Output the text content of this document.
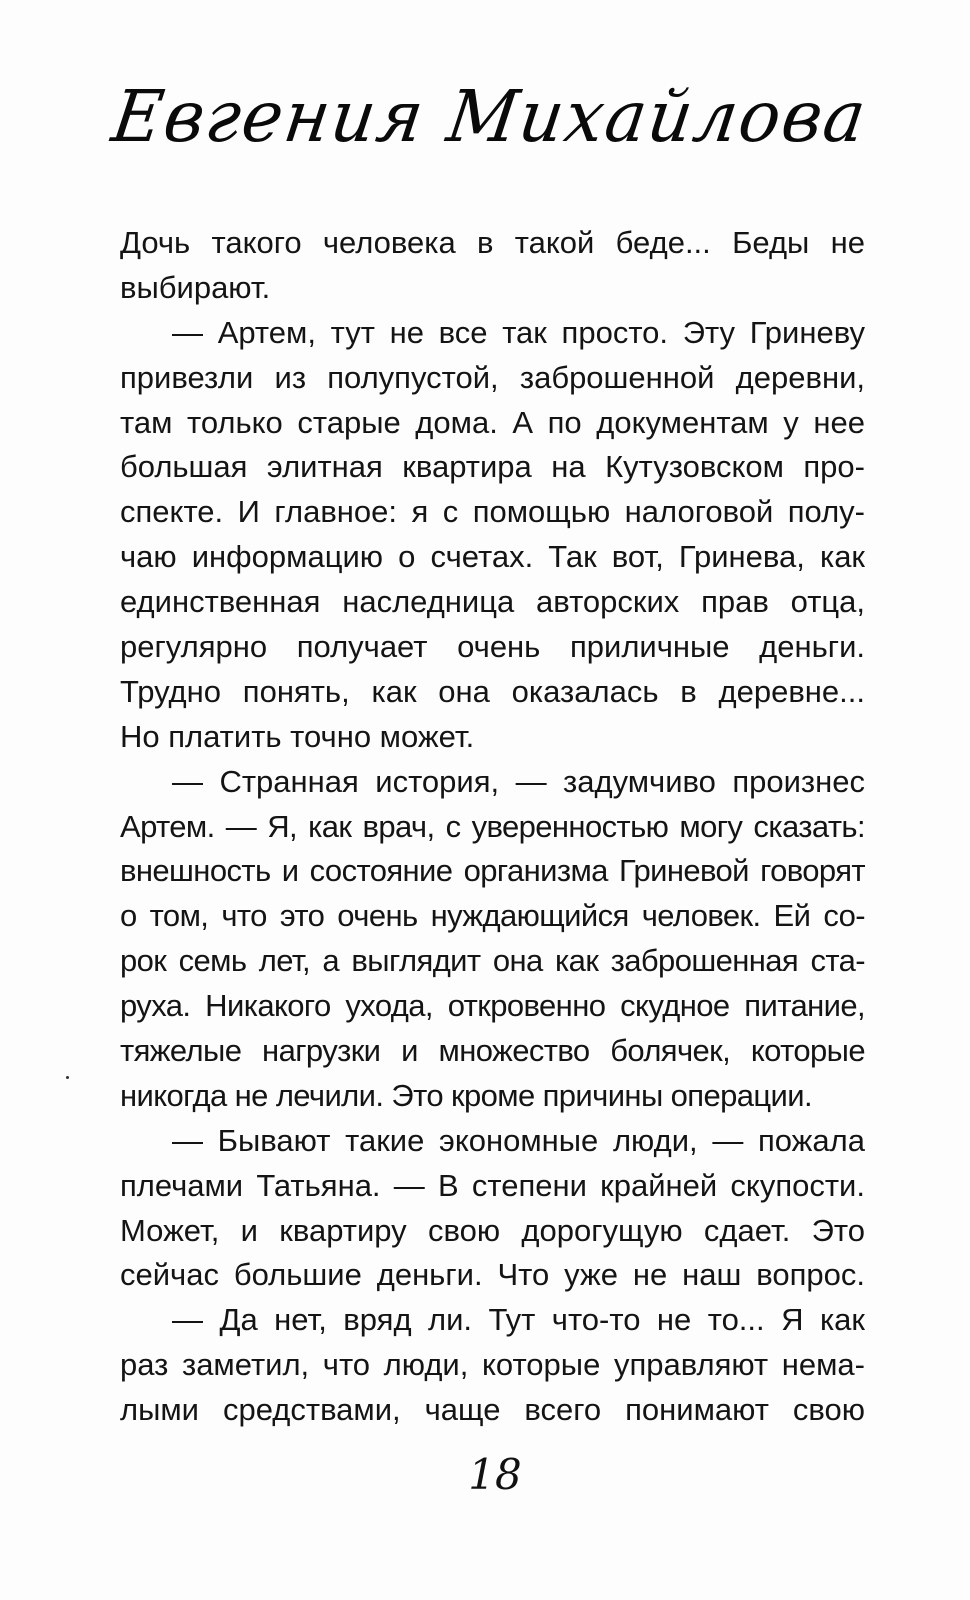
Евгения Михайлова
Дочь такого человека в такой беде... Беды не
выбирают.
— Артем, тут не все так просто. Эту Гриневу
привезли из полупустой, заброшенной деревни,
там только старые дома. А по документам у нее
большая элитная квартира на Кутузовском про-
спекте. И главное: я с помощью налоговой полу-
чаю информацию о счетах. Так вот, Гринева, как
единственная наследница авторских прав отца,
регулярно получает очень приличные деньги.
Трудно понять, как она оказалась в деревне...
Но платить точно может.
— Странная история, — задумчиво произнес
Артем. — Я, как врач, с уверенностью могу сказать:
внешность и состояние организма Гриневой говорят
о том, что это очень нуждающийся человек. Ей со-
рок семь лет, а выглядит она как заброшенная ста-
руха. Никакого ухода, откровенно скудное питание,
тяжелые нагрузки и множество болячек, которые
никогда не лечили. Это кроме причины операции.
— Бывают такие экономные люди, — пожала
плечами Татьяна. — В степени крайней скупости.
Может, и квартиру свою дорогущую сдает. Это
сейчас большие деньги. Что уже не наш вопрос.
— Да нет, вряд ли. Тут что-то не то... Я как
раз заметил, что люди, которые управляют нема-
лыми средствами, чаще всего понимают свою
18
